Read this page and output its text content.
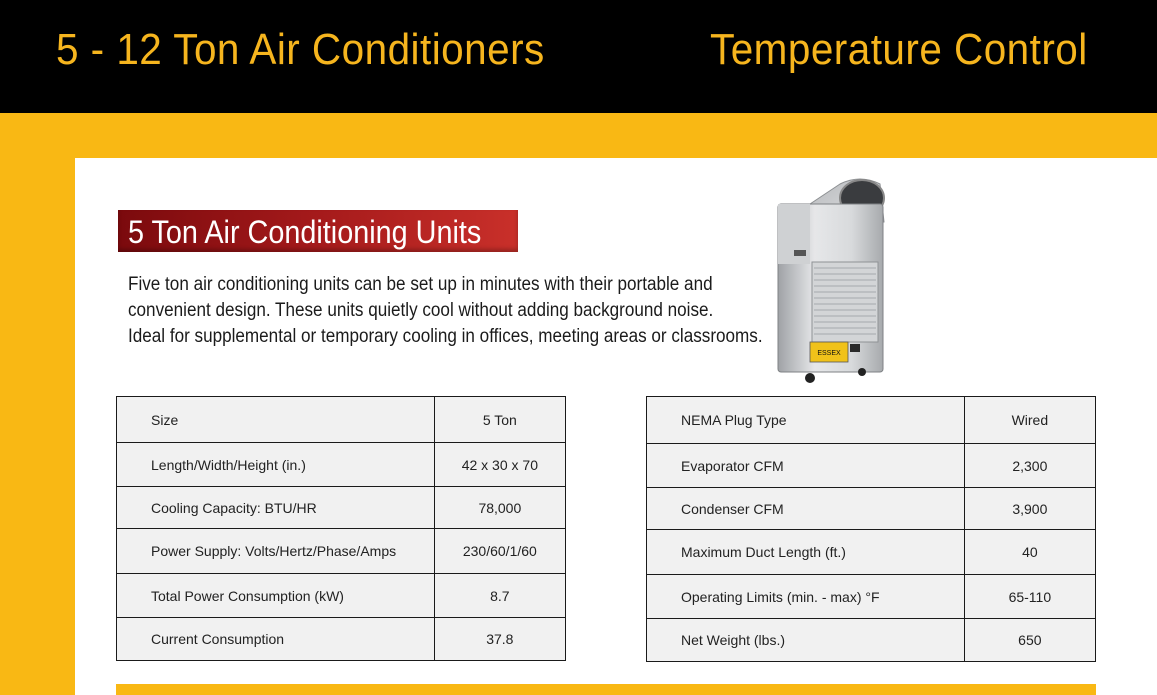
5 - 12 Ton Air Conditioners	Temperature Control
5 Ton Air Conditioning Units
Five ton air conditioning units can be set up in minutes with their portable and
convenient design. These units quietly cool without adding background noise.
Ideal for supplemental or temporary cooling in offices, meeting areas or classrooms.
ESSEX
Size	5 Ton
Length/Width/Height (in.)	42 x 30 x 70
Cooling Capacity: BTU/HR	78,000
Power Supply: Volts/Hertz/Phase/Amps	230/60/1/60
Total Power Consumption (kW)	8.7
Current Consumption	37.8
NEMA Plug Type	Wired
Evaporator CFM	2,300
Condenser CFM	3,900
Maximum Duct Length (ft.)	40
Operating Limits (min. - max) °F	65-110
Net Weight (lbs.)	650
